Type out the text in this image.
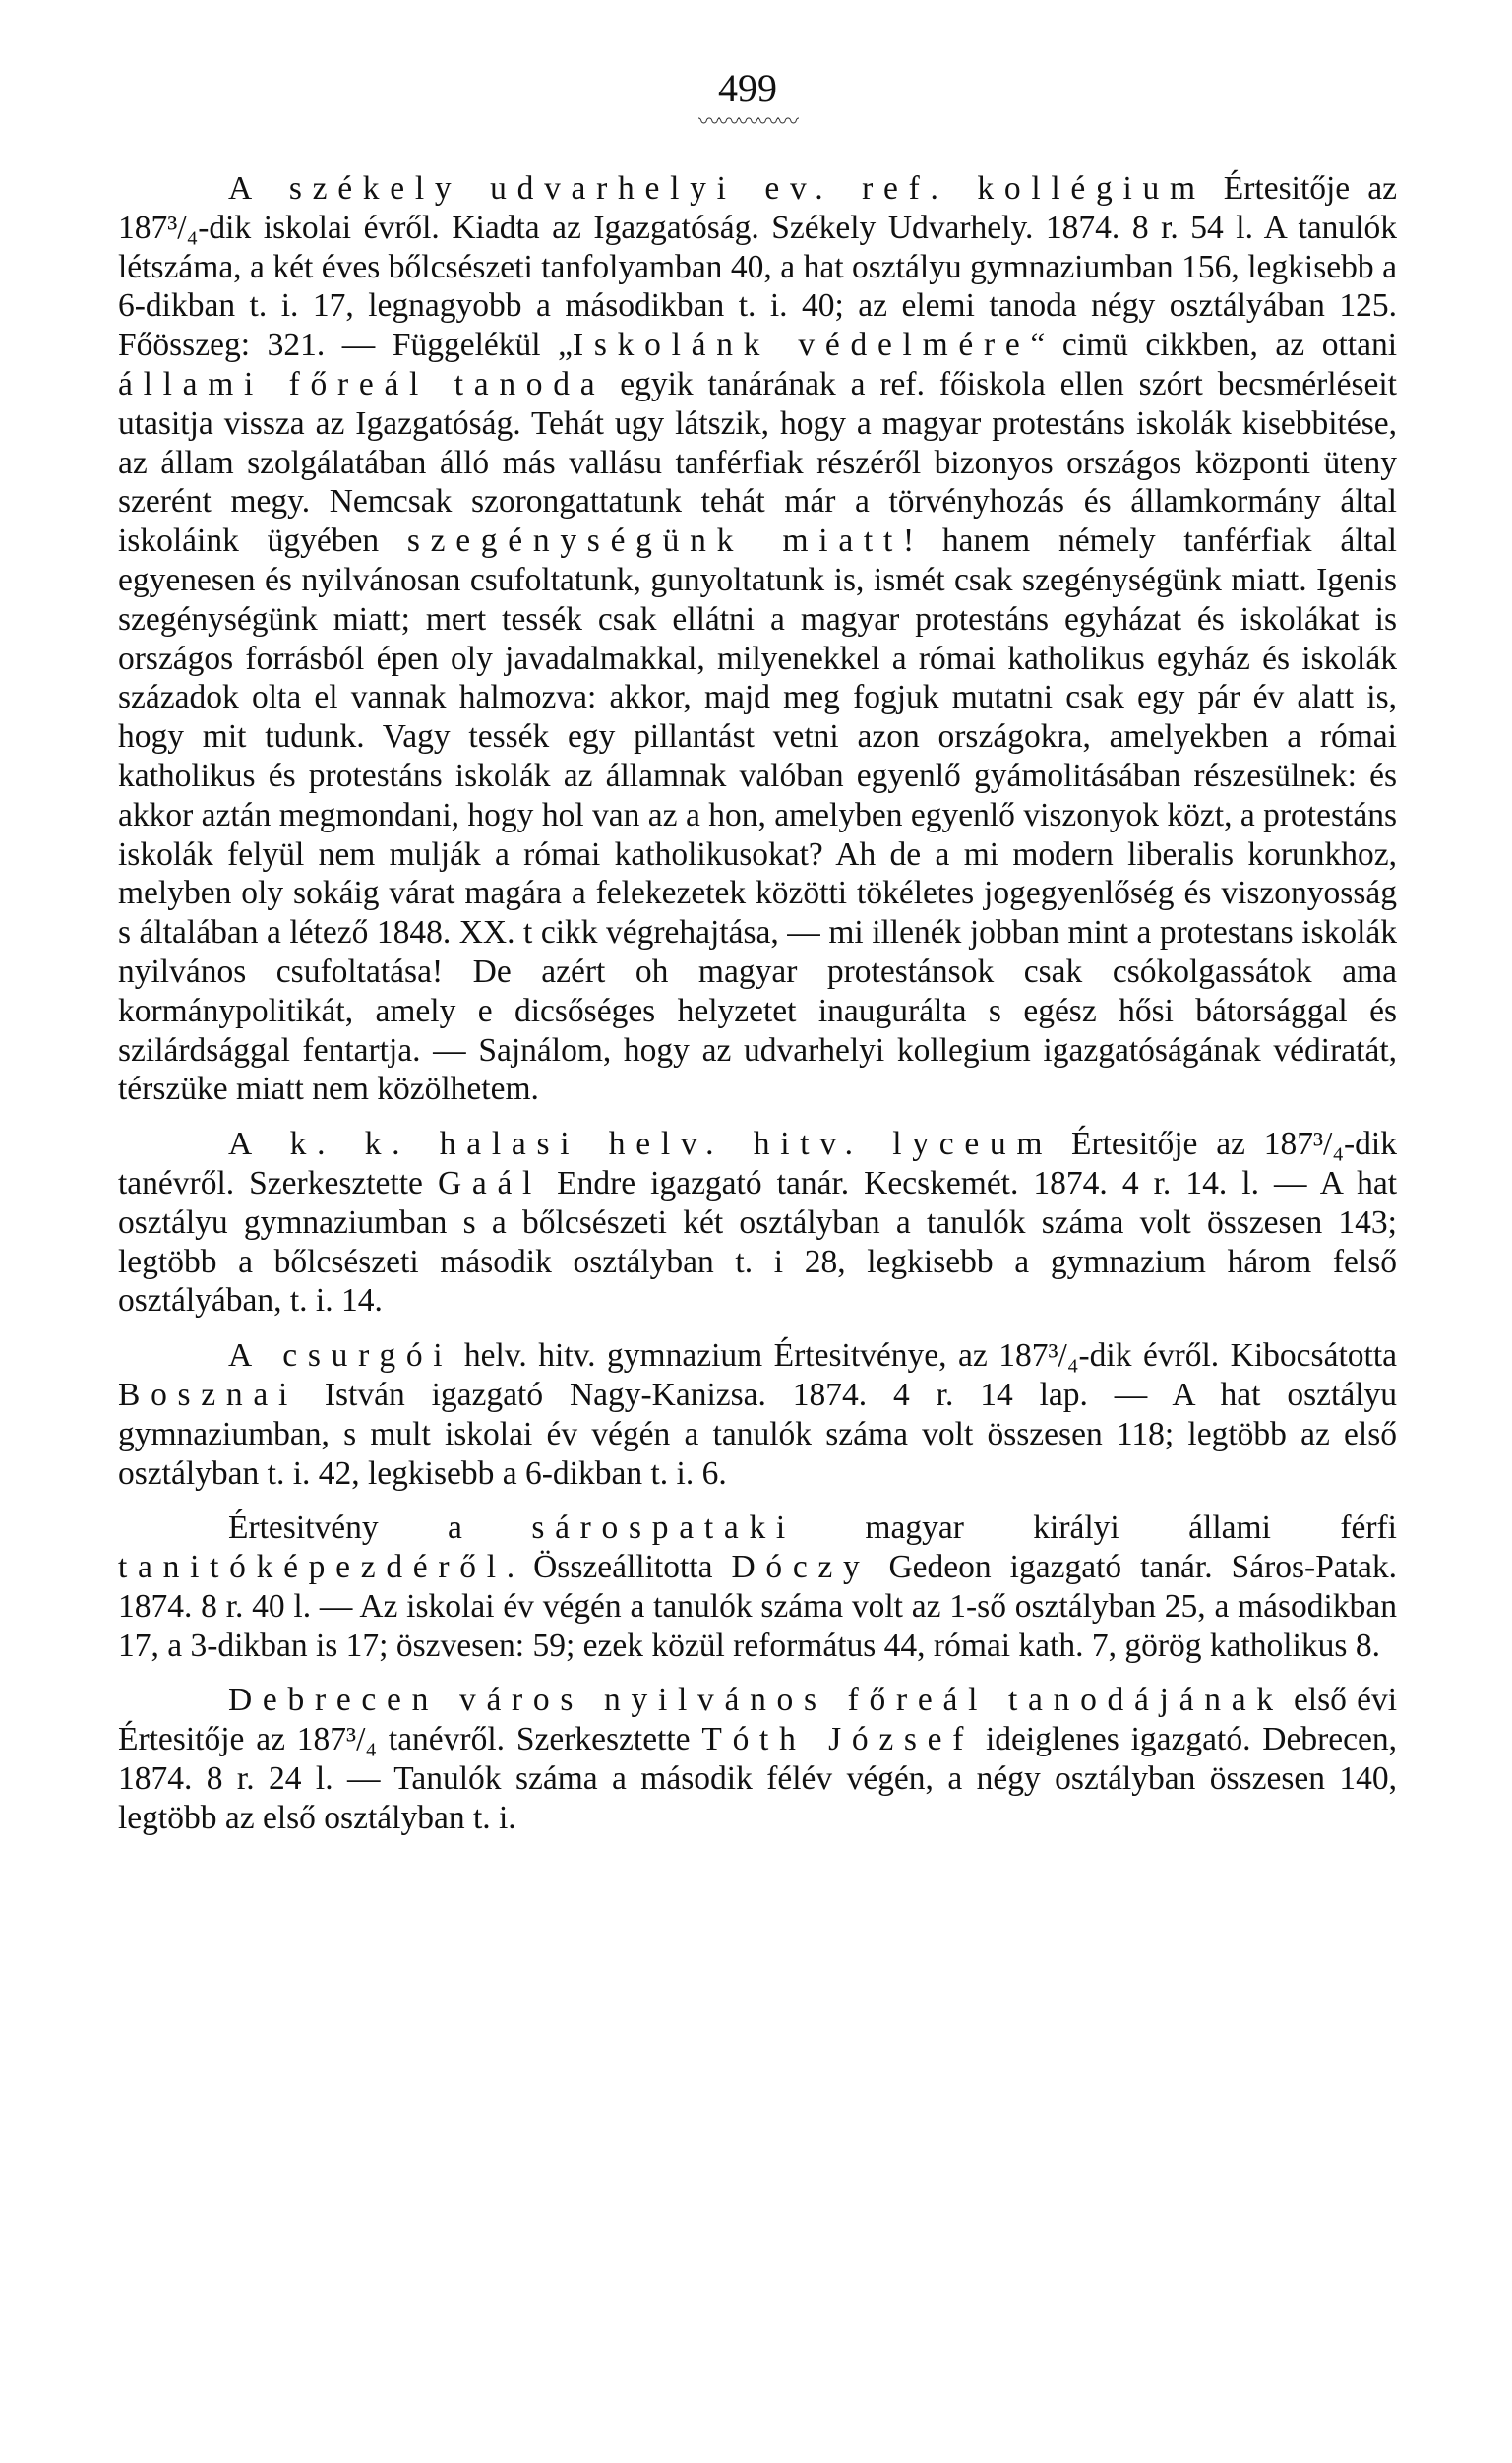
499
〰〰〰〰〰

A székely udvarhelyi ev. ref. kollégium Értesitője az 187³/₄-dik iskolai évről. Kiadta az Igazgatóság. Székely Udvarhely. 1874. 8 r. 54 l. A tanulók létszáma, a két éves bőlcsészeti tanfolyamban 40, a hat osztályu gymnaziumban 156, legkisebb a 6-dikban t. i. 17, legnagyobb a másodikban t. i. 40; az elemi tanoda négy osztályában 125. Főösszeg: 321. — Függelékül „Iskolánk védelmére“ cimü cikkben, az ottani állami főreál tanoda egyik tanárának a ref. főiskola ellen szórt becsmérléseit utasitja vissza az Igazgatóság. Tehát ugy látszik, hogy a magyar protestáns iskolák kisebbitése, az állam szolgálatában álló más vallásu tanférfiak részéről bizonyos országos központi üteny szerént megy. Nemcsak szorongattatunk tehát már a törvényhozás és államkormány által iskoláink ügyében szegénységünk miatt! hanem némely tanférfiak által egyenesen és nyilvánosan csufoltatunk, gunyoltatunk is, ismét csak szegénységünk miatt. Igenis szegénységünk miatt; mert tessék csak ellátni a magyar protestáns egyházat és iskolákat is országos forrásból épen oly javadalmakkal, milyenekkel a római katholikus egyház és iskolák századok olta el vannak halmozva: akkor, majd meg fogjuk mutatni csak egy pár év alatt is, hogy mit tudunk. Vagy tessék egy pillantást vetni azon országokra, amelyekben a római katholikus és protestáns iskolák az államnak valóban egyenlő gyámolitásában részesülnek: és akkor aztán megmondani, hogy hol van az a hon, amelyben egyenlő viszonyok közt, a protestáns iskolák felyül nem mulják a római katholikusokat? Ah de a mi modern liberalis korunkhoz, melyben oly sokáig várat magára a felekezetek közötti tökéletes jogegyenlőség és viszonyosság s általában a létező 1848. XX. t cikk végrehajtása, — mi illenék jobban mint a protestans iskolák nyilvános csufoltatása! De azért oh magyar protestánsok csak csókolgassátok ama kormánypolitikát, amely e dicsőséges helyzetet inaugurálta s egész hősi bátorsággal és szilárdsággal fentartja. — Sajnálom, hogy az udvarhelyi kollegium igazgatóságának védiratát, térszüke miatt nem közölhetem.

A k. k. halasi helv. hitv. lyceum Értesitője az 187³/₄-dik tanévről. Szerkesztette Gaál Endre igazgató tanár. Kecskemét. 1874. 4 r. 14. l. — A hat osztályu gymnaziumban s a bőlcsészeti két osztályban a tanulók száma volt összesen 143; legtöbb a bőlcsészeti második osztályban t. i 28, legkisebb a gymnazium három felső osztályában, t. i. 14.

A csurgói helv. hitv. gymnazium Értesitvénye, az 187³/₄-dik évről. Kibocsátotta Bosznai István igazgató Nagy-Kanizsa. 1874. 4 r. 14 lap. — A hat osztályu gymnaziumban, s mult iskolai év végén a tanulók száma volt összesen 118; legtöbb az első osztályban t. i. 42, legkisebb a 6-dikban t. i. 6.

Értesitvény a sárospataki magyar királyi állami férfi tanitóképezdéről. Összeállitotta Dóczy Gedeon igazgató tanár. Sáros-Patak. 1874. 8 r. 40 l. — Az iskolai év végén a tanulók száma volt az 1-ső osztályban 25, a másodikban 17, a 3-dikban is 17; öszvesen: 59; ezek közül református 44, római kath. 7, görög katholikus 8.

Debrecen város nyilvános főreál tanodájának első évi Értesitője az 187³/₄ tanévről. Szerkesztette Tóth József ideiglenes igazgató. Debrecen, 1874. 8 r. 24 l. — Tanulók száma a második félév végén, a négy osztályban összesen 140, legtöbb az első osztályban t. i.
